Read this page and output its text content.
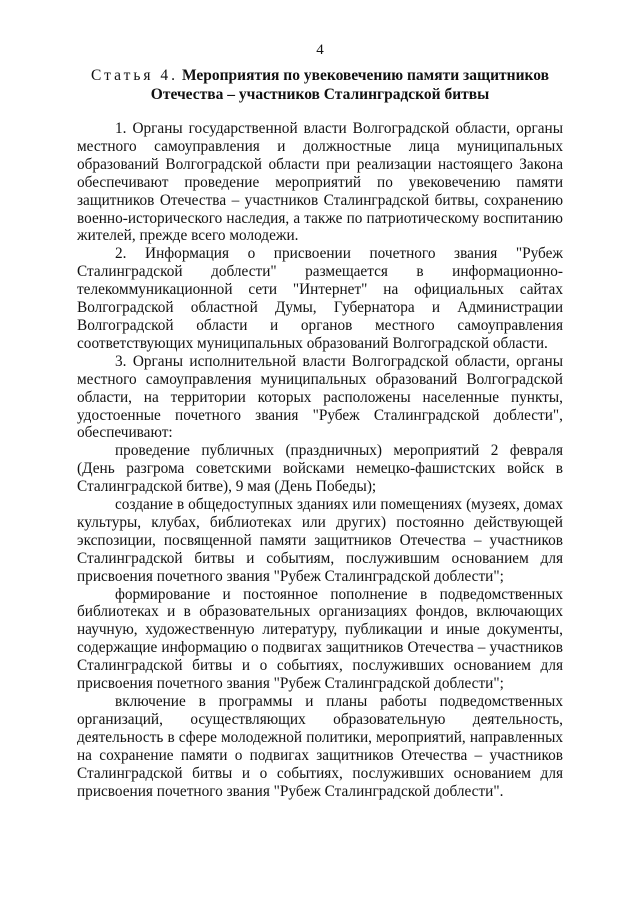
4
Статья 4. Мероприятия по увековечению памяти защитников Отечества – участников Сталинградской битвы

1. Органы государственной власти Волгоградской области, органы местного самоуправления и должностные лица муниципальных образований Волгоградской области при реализации настоящего Закона обеспечивают проведение мероприятий по увековечению памяти защитников Отечества – участников Сталинградской битвы, сохранению военно-исторического наследия, а также по патриотическому воспитанию жителей, прежде всего молодежи.

2. Информация о присвоении почетного звания "Рубеж Сталинградской доблести" размещается в информационно-телекоммуникационной сети "Интернет" на официальных сайтах Волгоградской областной Думы, Губернатора и Администрации Волгоградской области и органов местного самоуправления соответствующих муниципальных образований Волгоградской области.

3. Органы исполнительной власти Волгоградской области, органы местного самоуправления муниципальных образований Волгоградской области, на территории которых расположены населенные пункты, удостоенные почетного звания "Рубеж Сталинградской доблести", обеспечивают:

проведение публичных (праздничных) мероприятий 2 февраля (День разгрома советскими войсками немецко-фашистских войск в Сталинградской битве), 9 мая (День Победы);

создание в общедоступных зданиях или помещениях (музеях, домах культуры, клубах, библиотеках или других) постоянно действующей экспозиции, посвященной памяти защитников Отечества – участников Сталинградской битвы и событиям, послужившим основанием для присвоения почетного звания "Рубеж Сталинградской доблести";

формирование и постоянное пополнение в подведомственных библиотеках и в образовательных организациях фондов, включающих научную, художественную литературу, публикации и иные документы, содержащие информацию о подвигах защитников Отечества – участников Сталинградской битвы и о событиях, послуживших основанием для присвоения почетного звания "Рубеж Сталинградской доблести";

включение в программы и планы работы подведомственных организаций, осуществляющих образовательную деятельность, деятельность в сфере молодежной политики, мероприятий, направленных на сохранение памяти о подвигах защитников Отечества – участников Сталинградской битвы и о событиях, послуживших основанием для присвоения почетного звания "Рубеж Сталинградской доблести".
